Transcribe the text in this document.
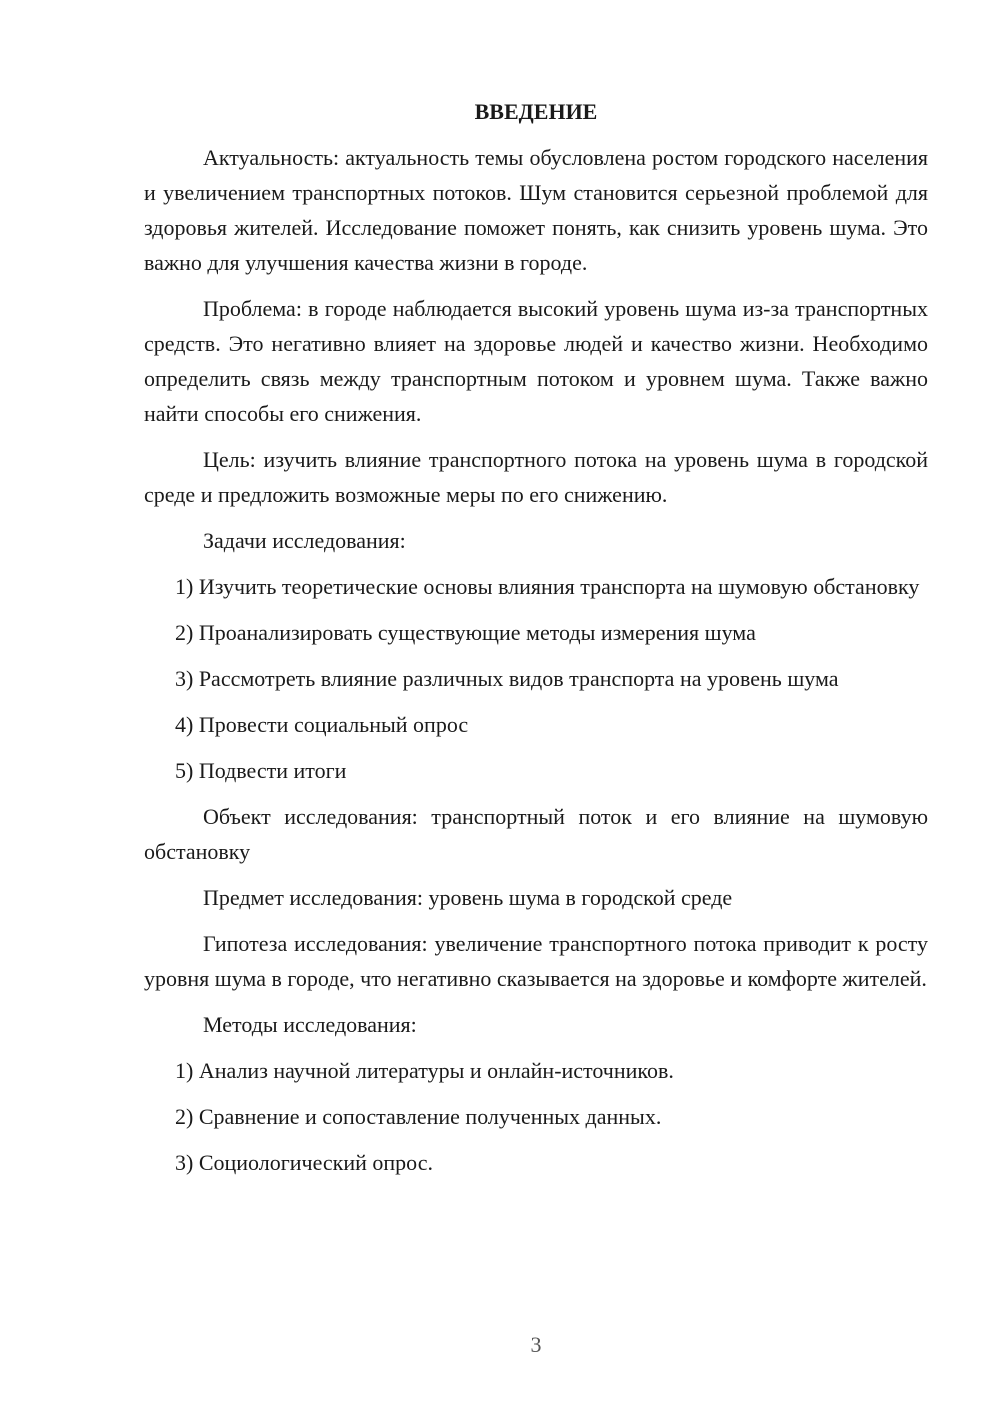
ВВЕДЕНИЕ

Актуальность: актуальность темы обусловлена ростом городского населения и увеличением транспортных потоков. Шум становится серьезной проблемой для здоровья жителей. Исследование поможет понять, как снизить уровень шума. Это важно для улучшения качества жизни в городе.

Проблема: в городе наблюдается высокий уровень шума из-за транспортных средств. Это негативно влияет на здоровье людей и качество жизни. Необходимо определить связь между транспортным потоком и уровнем шума. Также важно найти способы его снижения.

Цель: изучить влияние транспортного потока на уровень шума в городской среде и предложить возможные меры по его снижению.

Задачи исследования:

1) Изучить теоретические основы влияния транспорта на шумовую обстановку

2) Проанализировать существующие методы измерения шума

3) Рассмотреть влияние различных видов транспорта на уровень шума

4) Провести социальный опрос

5) Подвести итоги

Объект исследования: транспортный поток и его влияние на шумовую обстановку

Предмет исследования: уровень шума в городской среде

Гипотеза исследования: увеличение транспортного потока приводит к росту уровня шума в городе, что негативно сказывается на здоровье и комфорте жителей.

Методы исследования:

1) Анализ научной литературы и онлайн-источников.

2) Сравнение и сопоставление полученных данных.

3) Социологический опрос.

3
